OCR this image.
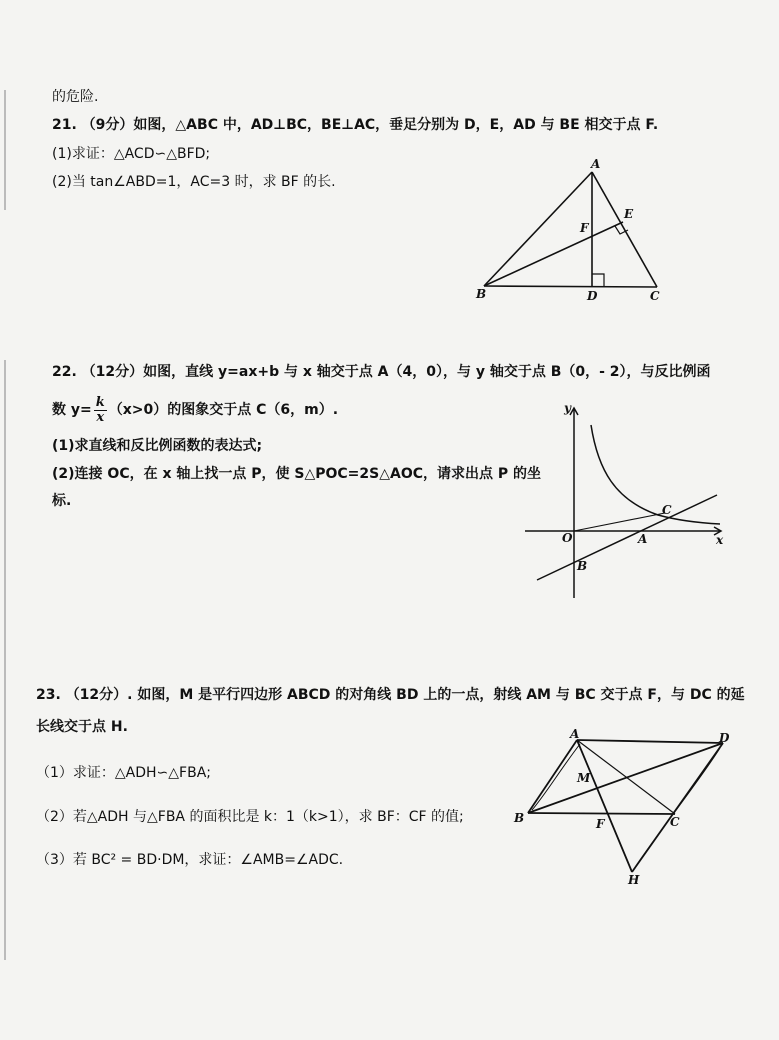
的危险.
21. （9分）如图，△ABC 中，AD⊥BC，BE⊥AC，垂足分别为 D，E，AD 与 BE 相交于点 F.
(1)求证：△ACD∽△BFD;
(2)当 tan∠ABD=1，AC=3 时，求 BF 的长.
A
B	C
D
E
F
22. （12分）如图，直线 y=ax+b 与 x 轴交于点 A（4，0），与 y 轴交于点 B（0，- 2），与反比例函
数 $y= \frac{k}{x} (x>0)$的图象交于点 C（6，m）.
(1)求直线和反比例函数的表达式;
(2)连接 OC，在 x 轴上找一点 P，使 S△POC=2S△AOC，请求出点 P 的坐
标.
y
x
O	A
B
C
23. （12分）. 如图，M 是平行四边形 ABCD 的对角线 BD 上的一点，射线 AM 与 BC 交于点 F，与 DC 的延
长线交于点 H.
（1）求证：△ADH∽△FBA;
（2）若△ADH 与△FBA 的面积比是 k：1（k>1），求 BF：CF 的值;
（3）若 BC² = BD·DM，求证：∠AMB=∠ADC.
A
B	C
D
F
H
M
